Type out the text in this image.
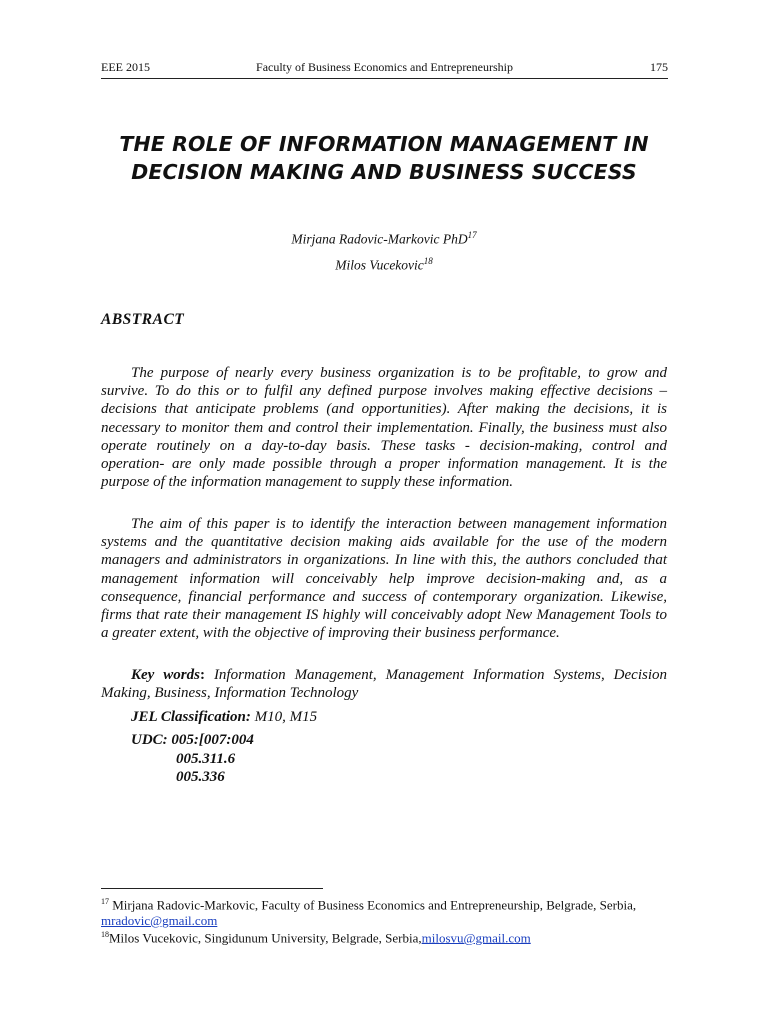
EEE 2015	Faculty of Business Economics and Entrepreneurship	175
THE ROLE OF INFORMATION MANAGEMENT IN
DECISION MAKING AND BUSINESS SUCCESS
Mirjana Radovic-Markovic PhD$^{17}$
Milos Vucekovic$^{18}$
ABSTRACT
The purpose of nearly every business organization is to be profitable, to grow and survive. To do this or to fulfil any defined purpose involves making effective decisions – decisions that anticipate problems (and opportunities). After making the decisions, it is necessary to monitor them and control their implementation. Finally, the business must also operate routinely on a day-to-day basis. These tasks - decision-making, control and operation- are only made possible through a proper information management. It is the purpose of the information management to supply these information.
The aim of this paper is to identify the interaction between management information systems and the quantitative decision making aids available for the use of the modern managers and administrators in organizations. In line with this, the authors concluded that management information will conceivably help improve decision-making and, as a consequence, financial performance and success of contemporary organization. Likewise, firms that rate their management IS highly will conceivably adopt New Management Tools to a greater extent, with the objective of improving their business performance.
Key words: Information Management, Management Information Systems, Decision Making, Business, Information Technology
JEL Classification: M10, M15
UDC: 005:[007:004
005.311.6
005.336
$^{17}$ Mirjana Radovic-Markovic, Faculty of Business Economics and Entrepreneurship, Belgrade, Serbia, mradovic@gmail.com
$^{18}$Milos Vucekovic, Singidunum University, Belgrade, Serbia,milosvu@gmail.com
